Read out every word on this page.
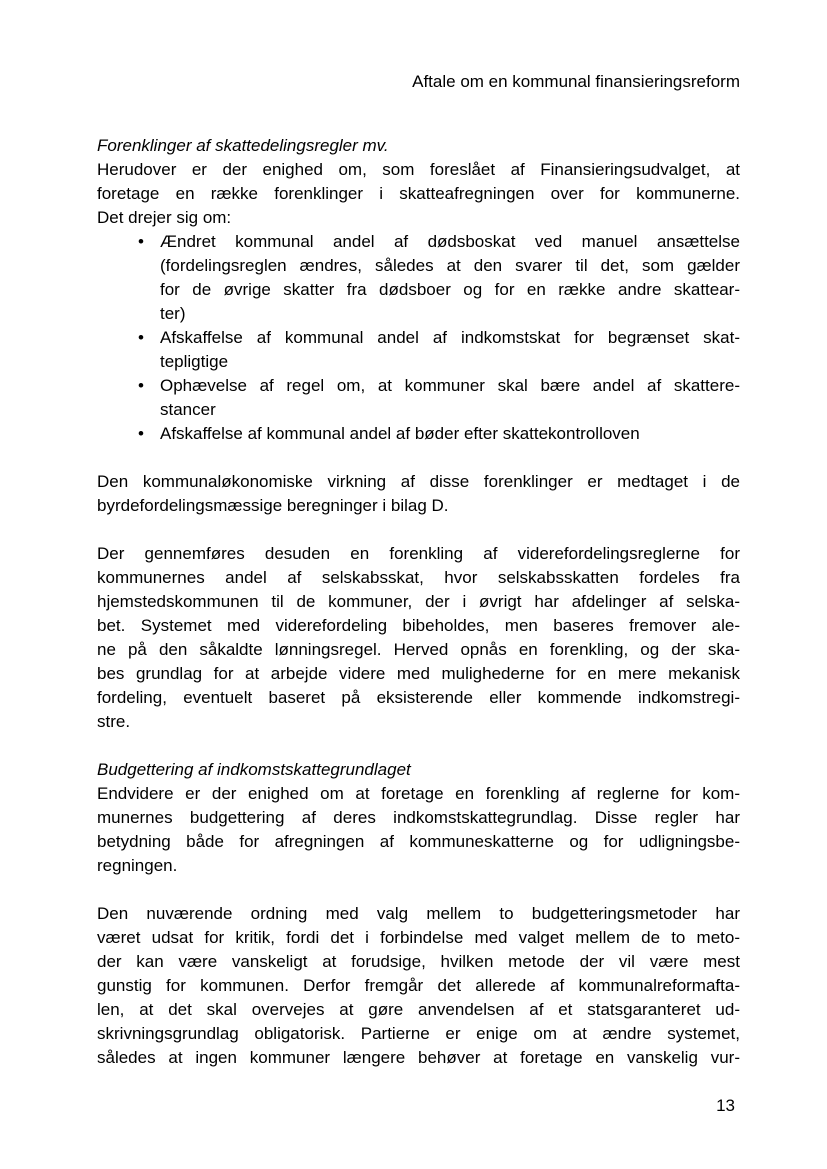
Aftale om en kommunal finansieringsreform
Forenklinger af skattedelingsregler mv.
Herudover er der enighed om, som foreslået af Finansieringsudvalget, at
foretage en række forenklinger i skatteafregningen over for kommunerne.
Det drejer sig om:
• Ændret kommunal andel af dødsboskat ved manuel ansættelse
(fordelingsreglen ændres, således at den svarer til det, som gælder
for de øvrige skatter fra dødsboer og for en række andre skattear-
ter)
• Afskaffelse af kommunal andel af indkomstskat for begrænset skat-
tepligtige
• Ophævelse af regel om, at kommuner skal bære andel af skattere-
stancer
• Afskaffelse af kommunal andel af bøder efter skattekontrolloven
Den kommunaløkonomiske virkning af disse forenklinger er medtaget i de
byrdefordelingsmæssige beregninger i bilag D.
Der gennemføres desuden en forenkling af viderefordelingsreglerne for
kommunernes andel af selskabsskat, hvor selskabsskatten fordeles fra
hjemstedskommunen til de kommuner, der i øvrigt har afdelinger af selska-
bet. Systemet med viderefordeling bibeholdes, men baseres fremover ale-
ne på den såkaldte lønningsregel. Herved opnås en forenkling, og der ska-
bes grundlag for at arbejde videre med mulighederne for en mere mekanisk
fordeling, eventuelt baseret på eksisterende eller kommende indkomstregi-
stre.
Budgettering af indkomstskattegrundlaget
Endvidere er der enighed om at foretage en forenkling af reglerne for kom-
munernes budgettering af deres indkomstskattegrundlag. Disse regler har
betydning både for afregningen af kommuneskatterne og for udligningsbe-
regningen.
Den nuværende ordning med valg mellem to budgetteringsmetoder har
været udsat for kritik, fordi det i forbindelse med valget mellem de to meto-
der kan være vanskeligt at forudsige, hvilken metode der vil være mest
gunstig for kommunen. Derfor fremgår det allerede af kommunalreformafta-
len, at det skal overvejes at gøre anvendelsen af et statsgaranteret ud-
skrivningsgrundlag obligatorisk. Partierne er enige om at ændre systemet,
således at ingen kommuner længere behøver at foretage en vanskelig vur-
13
